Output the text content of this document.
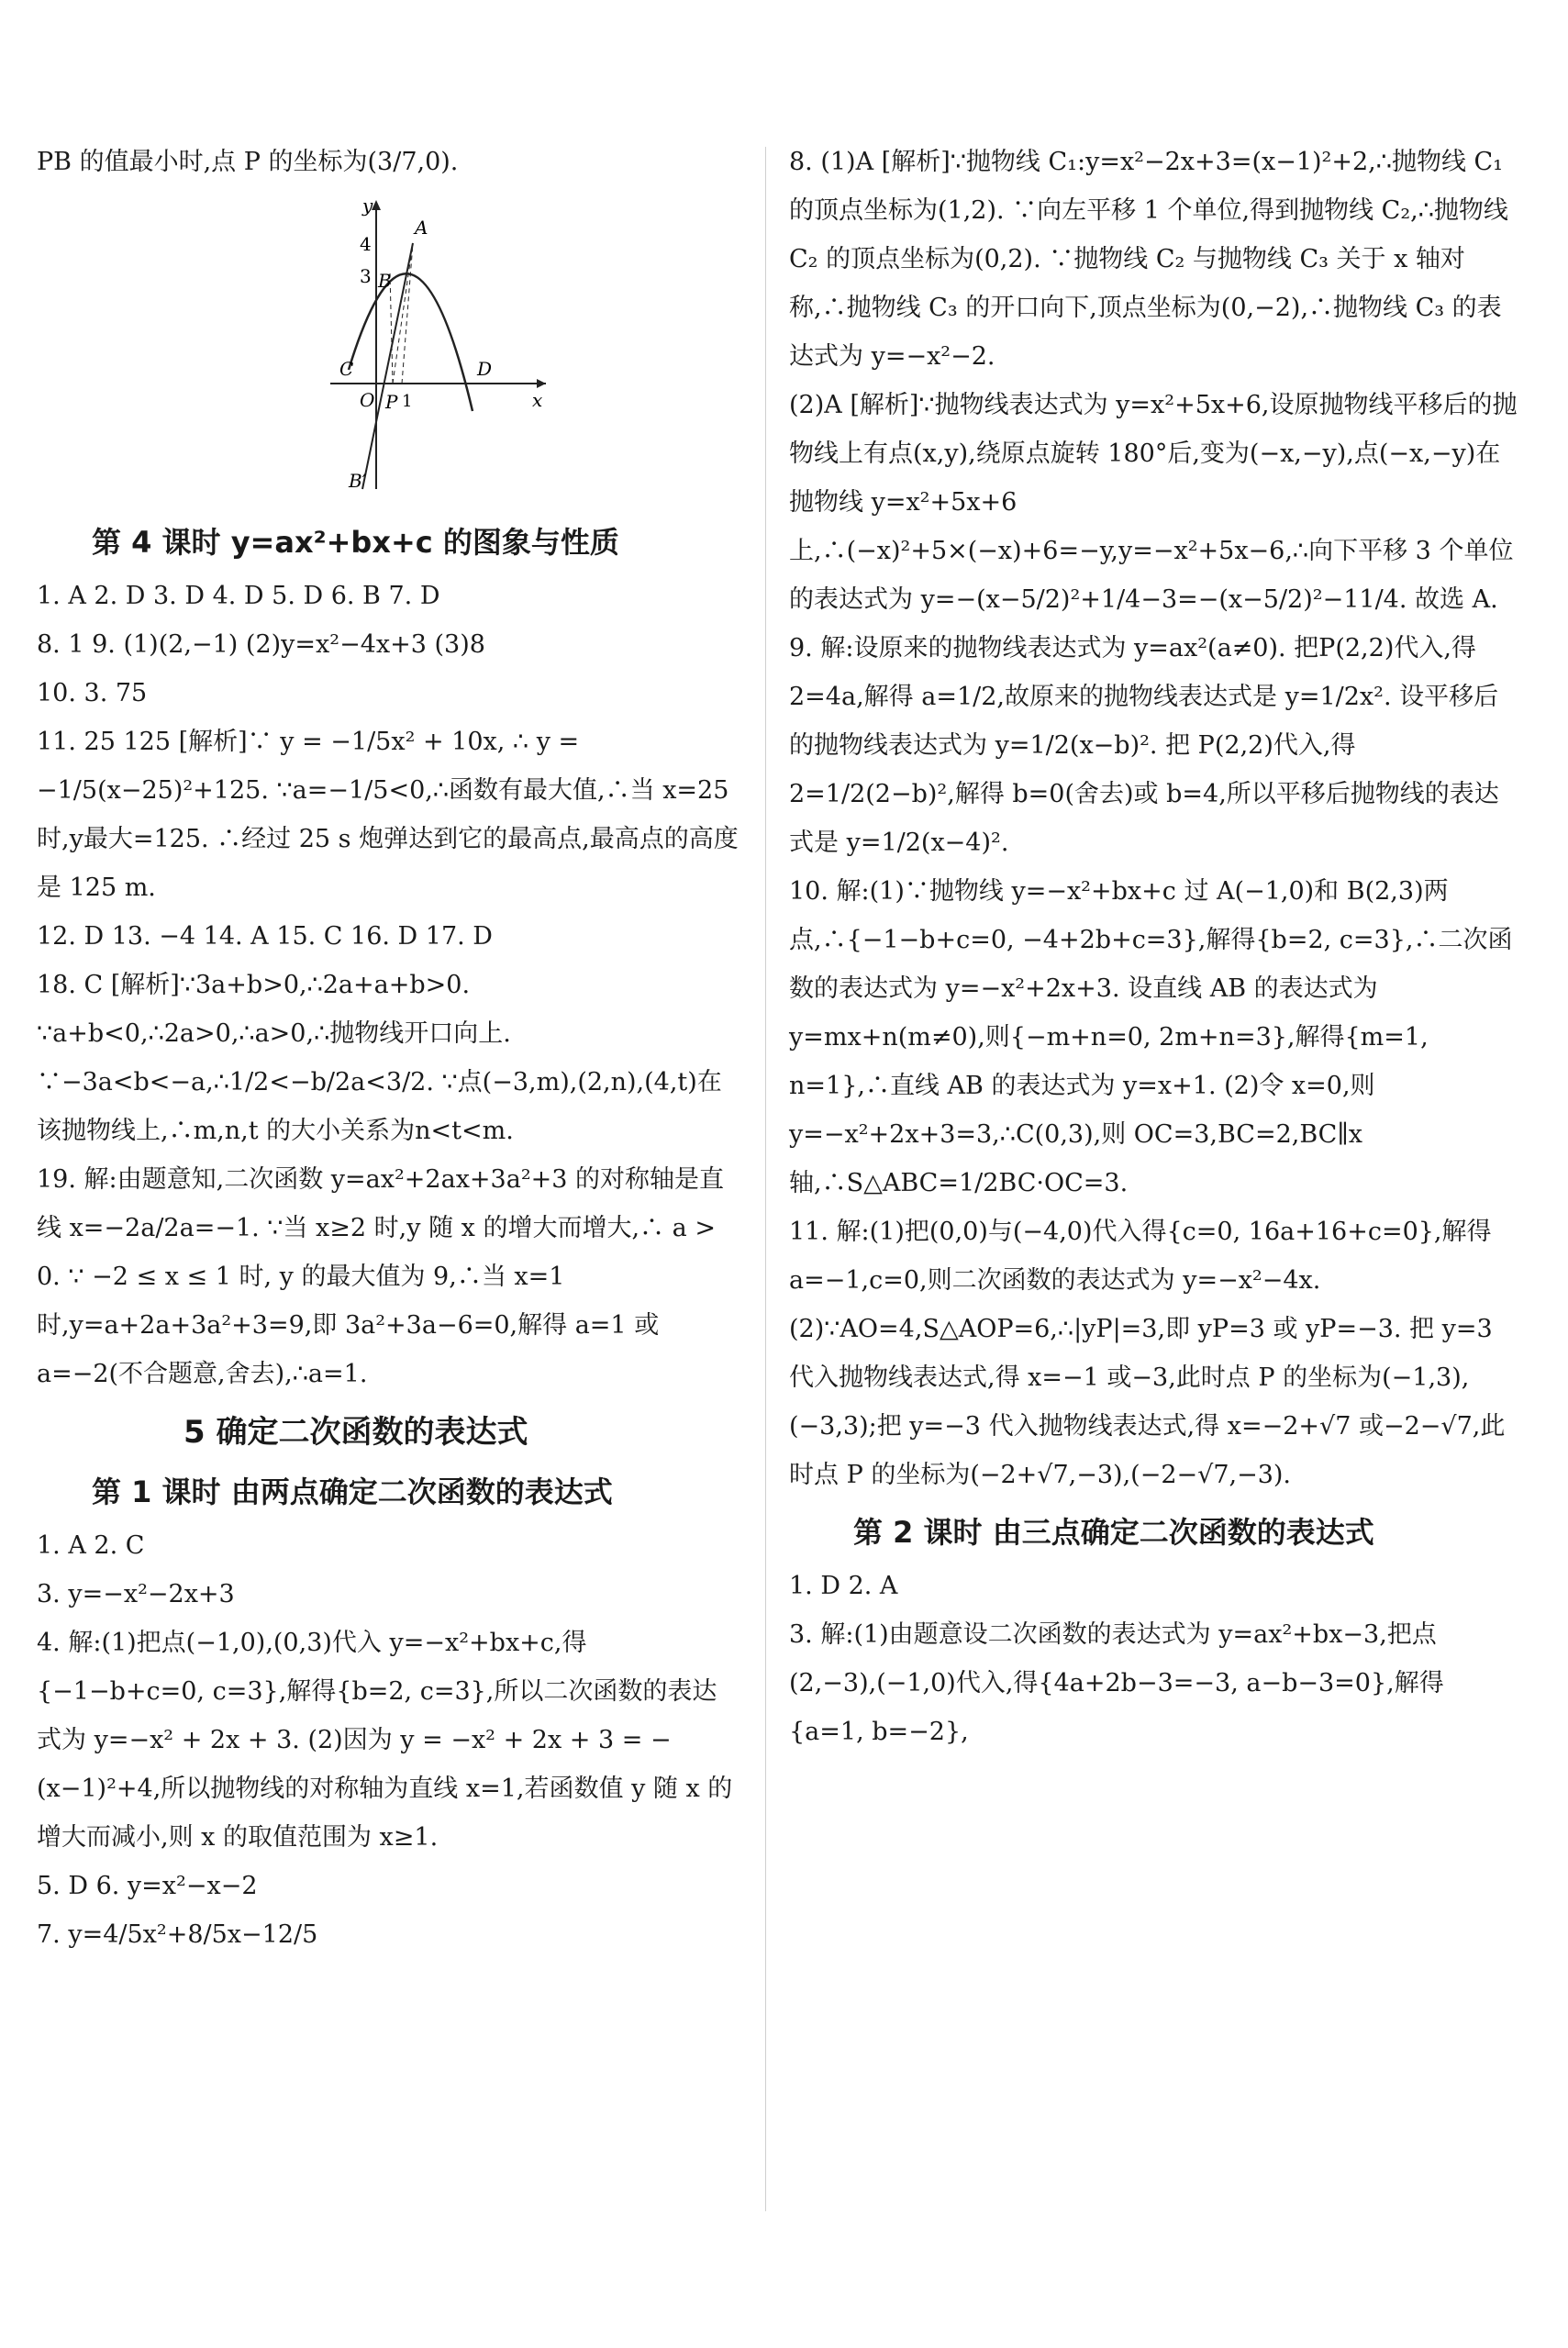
PB 的值最小时,点 P 的坐标为(3/7,0).

x
y
4
3
A
B
C
O P 1
D
B′
第 4 课时 y=ax²+bx+c 的图象与性质

1. A 2. D 3. D 4. D 5. D 6. B 7. D

8. 1 9. (1)(2,−1) (2)y=x²−4x+3 (3)8

10. 3. 75

11. 25 125 [解析]∵ y = −1/5x² + 10x, ∴ y = −1/5(x−25)²+125. ∵a=−1/5<0,∴函数有最大值,∴当 x=25 时,y最大=125. ∴经过 25 s 炮弹达到它的最高点,最高点的高度是 125 m.

12. D 13. −4 14. A 15. C 16. D 17. D

18. C [解析]∵3a+b>0,∴2a+a+b>0. ∵a+b<0,∴2a>0,∴a>0,∴抛物线开口向上. ∵−3a<b<−a,∴1/2<−b/2a<3/2. ∵点(−3,m),(2,n),(4,t)在该抛物线上,∴m,n,t 的大小关系为n<t<m.

19. 解:由题意知,二次函数 y=ax²+2ax+3a²+3 的对称轴是直线 x=−2a/2a=−1. ∵当 x≥2 时,y 随 x 的增大而增大,∴ a > 0. ∵ −2 ≤ x ≤ 1 时, y 的最大值为 9,∴当 x=1 时,y=a+2a+3a²+3=9,即 3a²+3a−6=0,解得 a=1 或 a=−2(不合题意,舍去),∴a=1.

5 确定二次函数的表达式
第 1 课时 由两点确定二次函数的表达式

1. A 2. C

3. y=−x²−2x+3

4. 解:(1)把点(−1,0),(0,3)代入 y=−x²+bx+c,得 {−1−b+c=0, c=3},解得{b=2, c=3},所以二次函数的表达式为 y=−x² + 2x + 3. (2)因为 y = −x² + 2x + 3 = −(x−1)²+4,所以抛物线的对称轴为直线 x=1,若函数值 y 随 x 的增大而减小,则 x 的取值范围为 x≥1.

5. D 6. y=x²−x−2

7. y=4/5x²+8/5x−12/5

8. (1)A [解析]∵抛物线 C₁:y=x²−2x+3=(x−1)²+2,∴抛物线 C₁ 的顶点坐标为(1,2). ∵向左平移 1 个单位,得到抛物线 C₂,∴抛物线 C₂ 的顶点坐标为(0,2). ∵抛物线 C₂ 与抛物线 C₃ 关于 x 轴对称,∴抛物线 C₃ 的开口向下,顶点坐标为(0,−2),∴抛物线 C₃ 的表达式为 y=−x²−2.

(2)A [解析]∵抛物线表达式为 y=x²+5x+6,设原抛物线平移后的抛物线上有点(x,y),绕原点旋转 180°后,变为(−x,−y),点(−x,−y)在抛物线 y=x²+5x+6 上,∴(−x)²+5×(−x)+6=−y,y=−x²+5x−6,∴向下平移 3 个单位的表达式为 y=−(x−5/2)²+1/4−3=−(x−5/2)²−11/4. 故选 A.

9. 解:设原来的抛物线表达式为 y=ax²(a≠0). 把P(2,2)代入,得 2=4a,解得 a=1/2,故原来的抛物线表达式是 y=1/2x². 设平移后的抛物线表达式为 y=1/2(x−b)². 把 P(2,2)代入,得 2=1/2(2−b)²,解得 b=0(舍去)或 b=4,所以平移后抛物线的表达式是 y=1/2(x−4)².

10. 解:(1)∵抛物线 y=−x²+bx+c 过 A(−1,0)和 B(2,3)两点,∴{−1−b+c=0, −4+2b+c=3},解得{b=2, c=3},∴二次函数的表达式为 y=−x²+2x+3. 设直线 AB 的表达式为 y=mx+n(m≠0),则{−m+n=0, 2m+n=3},解得{m=1, n=1},∴直线 AB 的表达式为 y=x+1. (2)令 x=0,则 y=−x²+2x+3=3,∴C(0,3),则 OC=3,BC=2,BC∥x 轴,∴S△ABC=1/2BC·OC=3.

11. 解:(1)把(0,0)与(−4,0)代入得{c=0, 16a+16+c=0},解得 a=−1,c=0,则二次函数的表达式为 y=−x²−4x.

(2)∵AO=4,S△AOP=6,∴|yP|=3,即 yP=3 或 yP=−3. 把 y=3 代入抛物线表达式,得 x=−1 或−3,此时点 P 的坐标为(−1,3),(−3,3);把 y=−3 代入抛物线表达式,得 x=−2+√7 或−2−√7,此时点 P 的坐标为(−2+√7,−3),(−2−√7,−3).

第 2 课时 由三点确定二次函数的表达式

1. D 2. A

3. 解:(1)由题意设二次函数的表达式为 y=ax²+bx−3,把点(2,−3),(−1,0)代入,得{4a+2b−3=−3, a−b−3=0},解得{a=1, b=−2},
